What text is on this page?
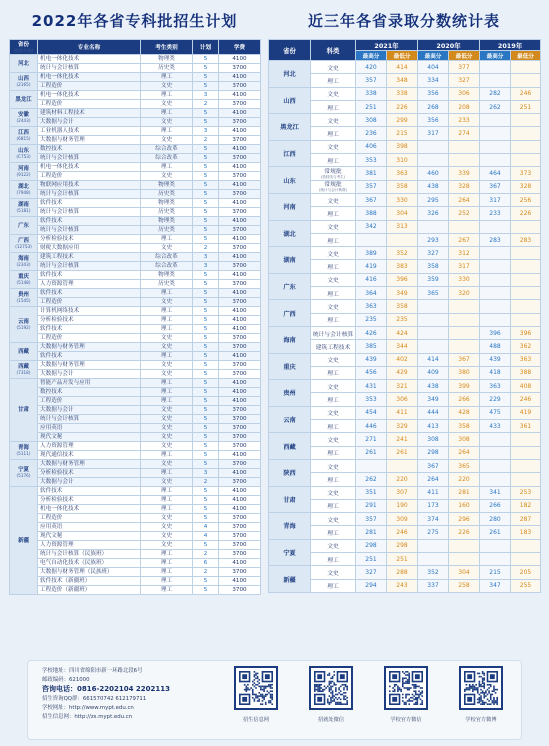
2022年各省专科批招生计划
省份
(院校代码)	专业名称	考生类别	计划	学费

河北	机电一体化技术	物理类	5	4100
	统计与会计核算	历史类	5	3700

山西
(2165)	机电一体化技术	理工	5	4100
	工程造价	文史	5	3700

黑龙江	机电一体化技术	理工	3	4100
	工程造价	文史	2	3700

安徽
(2443)	建筑材料工程技术	理工	5	4100
	大数据与会计	文史	5	3700

江西
(6815)	工业机器人技术	理工	3	4100
	大数据与财务管理	文史	2	3700

山东
(C753)	数控技术	综合改革	5	4100
	统计与会计核算	综合改革	5	3700

河南
(9122)	机电一体化技术	理工	5	4100
	工程造价	文史	5	3700

湖北
(7948)	物联网应用技术	物理类	5	4100
	统计与会计核算	历史类	5	3700

湖南
(5181)	软件技术	物理类	5	4100
	统计与会计核算	历史类	5	3700

广东	软件技术	物理类	5	4100
	统计与会计核算	历史类	5	3700

广西
(12753)	分析检验技术	理工	5	4100
	财税大数据应用	文史	2	3700

海南
(2343)	建筑工程技术	综合改革	3	4100
	统计与会计核算	综合改革	3	3700

重庆
(5148)	软件技术	物理类	5	4100
	人力资源管理	历史类	5	3700

贵州
(1545)	软件技术	理工	5	4100
	工程造价	文史	5	3700

云南
(5192)	计算机网络技术	理工	5	4100
	分析检验技术	理工	5	4100
	软件技术	理工	5	4100
	工程造价	文史	5	3700

西藏	大数据与财务管理	文史	5	3700
	软件技术	理工	5	4100

西藏
(7318)	大数据与财务管理	文史	5	3700
	大数据与会计	文史	5	3700

甘肃	智能产品开发与应用	理工	5	4100
	数控技术	理工	5	4100
	工程造价	理工	5	4100
	大数据与会计	文史	5	3700
	统计与会计核算	文史	5	3700
	应用英语	文史	5	3700
	现代文秘	文史	5	3700

青海
(5111)	人力资源管理	文史	5	3700
	现代通信技术	理工	5	4100

宁夏
(5176)	大数据与财务管理	文史	5	3700
	分析检验技术	理工	3	4100
	大数据与会计	文史	2	3700

新疆	软件技术	理工	5	4100
	分析检验技术	理工	5	4100
	机电一体化技术	理工	5	4100
	工程造价	文史	5	3700
	应用英语	文史	4	3700
	现代文秘	文史	4	3700
	人力资源管理	文史	5	3700
	统计与会计核算（民族班）	理工	2	3700
	电气自动化技术（民族班）	理工	6	4100
	大数据与财务管理（民族班）	理工	2	3700
	软件技术（新疆班）	理工	5	4100
	工程造价（新疆班）	理工	5	3700
近三年各省录取分数统计表
省份	科类	2021年		2020年		2019年	
		最高分	最低分	最高分	最低分	最高分	最低分
河北	文史	420	414	404	377		
	理工	357	348	334	327		
山西	文史	338	338	356	306	282	246
	理工	251	226	268	208	262	251
黑龙江	文史	308	299	356	233		
	理工	236	215	317	274		
江西	文史	406	398				
	理工	353	310				
山东	常规批
(投档线与考生)	381	363	460	339	464	373

	常规批
(统计与会计核算)	357	358	438	328	367	328
河南	文史	367	330	295	264	317	256
	理工	388	304	326	252	233	226
湖北	文史	342	313				
	理工			293	267	283	283
湖南	文史	389	352	327	312		
	理工	419	383	358	317		
广东	文史	416	396	359	330		
	理工	364	349	365	320		
广西	文史	363	358				
	理工	235	235				
海南	统计与会计核算	426	424			396	396
	建筑工程技术	385	344			488	362
重庆	文史	439	402	414	367	439	363
	理工	456	429	409	380	418	388
贵州	文史	431	321	438	399	363	408
	理工	353	306	349	266	229	246
云南	文史	454	411	444	428	475	419
	理工	446	329	413	358	433	361
西藏	文史	271	241	308	308		
	理工	261	261	298	264		
陕西	文史			367	365		
	理工	262	220	264	220		
甘肃	文史	351	307	411	281	341	253
	理工	291	190	173	160	266	182
青海	文史	357	309	374	296	280	287
	理工	281	246	275	226	261	183
宁夏	文史	298	298				
	理工	251	251				
新疆	文史	327	288	352	304	215	205
	理工	294	243	337	258	347	255
学校地址：四川省绵阳市新一环路北段6号
邮政编码：621000
咨询电话：0816-2202104 2202113
招生咨询QQ群：661570742 612179711
学校网址：http://www.mypt.edu.cn
招生信息网：http://zs.mypt.edu.cn	招生信息网	招就处微信	学校官方微信	学校官方微博
